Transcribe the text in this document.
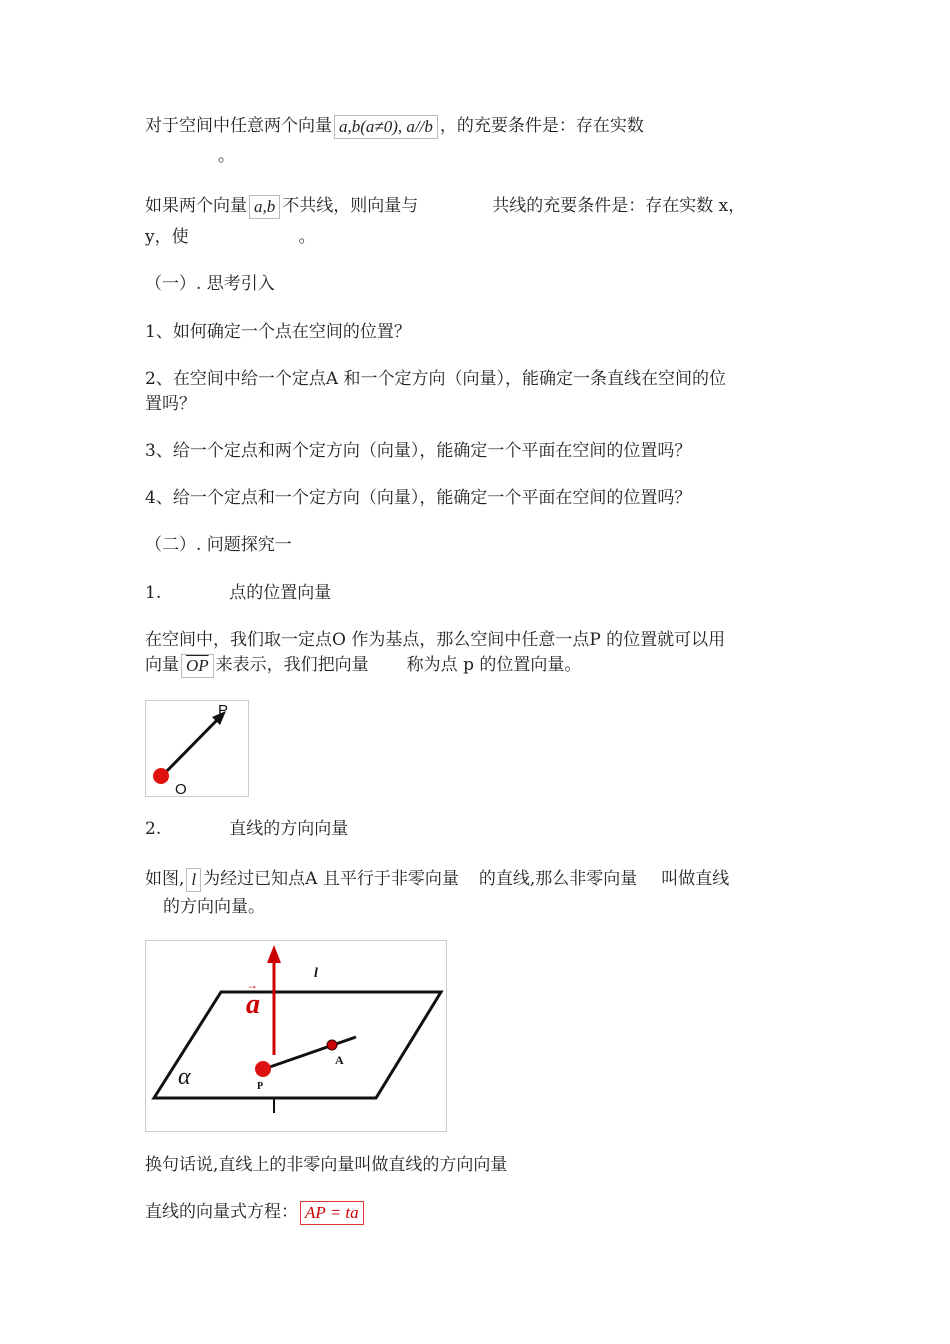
对于空间中任意两个向量 a,b(a≠0), a//b ，的充要条件是：存在实数
。
如果两个向量 a,b 不共线，则向量与	共线的充要条件是：存在实数 x，
y，使	。
（一）. 思考引入
1、如何确定一个点在空间的位置？
2、在空间中给一个定点A 和一个定方向（向量），能确定一条直线在空间的位
置吗？
3、给一个定点和两个定方向（向量），能确定一个平面在空间的位置吗？
4、给一个定点和一个定方向（向量），能确定一个平面在空间的位置吗？
（二）. 问题探究一
1.	点的位置向量
在空间中，我们取一定点O 作为基点，那么空间中任意一点P 的位置就可以用
向量 $\overline{OP}$ 来表示，我们把向量 称为点 p 的位置向量。
P
O
2.	直线的方向向量
如图, l 为经过已知点A 且平行于非零向量 的直线,那么非零向量 叫做直线
的方向向量。
a
→
l
α
A
P
换句话说,直线上的非零向量叫做直线的方向向量
直线的向量式方程： AP = ta
